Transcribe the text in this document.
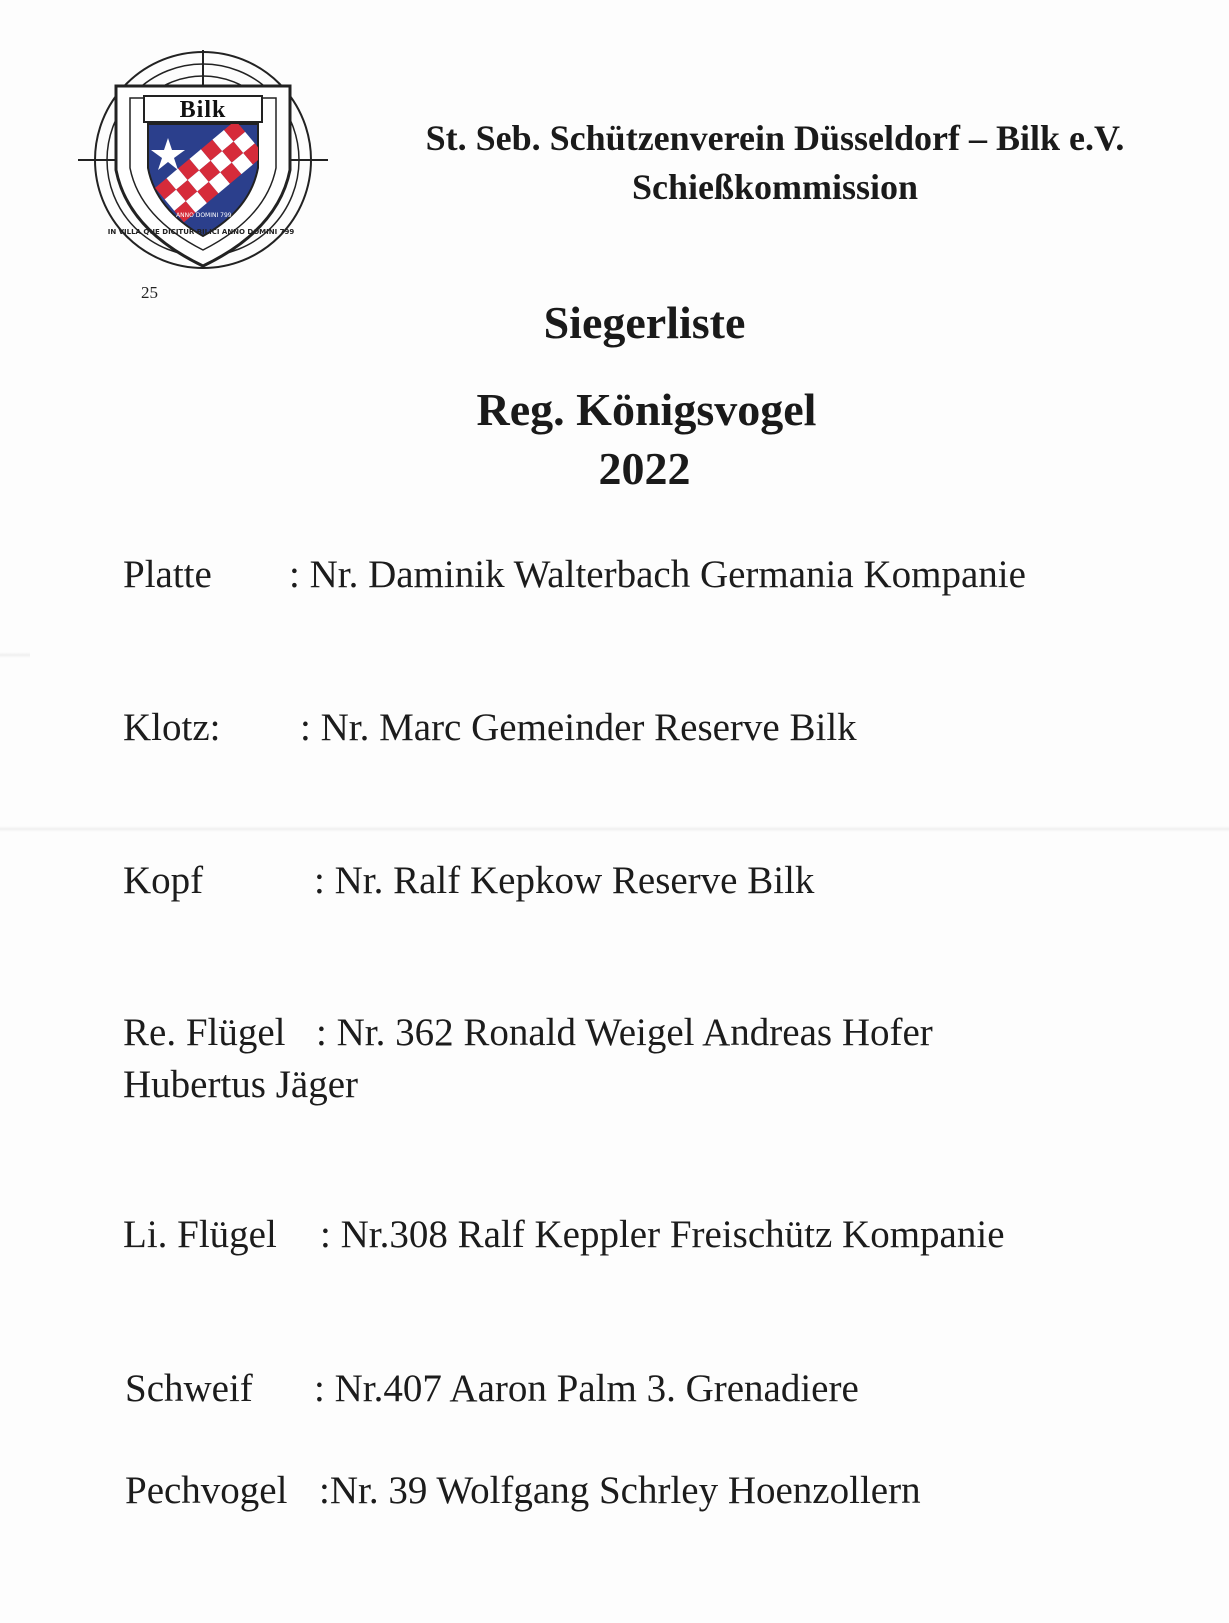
Bilk
IN VILLA QUE DICITUR BILICI ANNO DOMINI 799
ANNO DOMINI 799
25
St. Seb. Schützenverein Düsseldorf – Bilk e.V.
Schießkommission
Siegerliste
Reg. Königsvogel
2022
Platte : Nr. Daminik Walterbach Germania Kompanie
Klotz: : Nr. Marc Gemeinder Reserve Bilk
Kopf	: Nr. Ralf Kepkow Reserve Bilk
Re. Flügel : Nr. 362 Ronald Weigel Andreas Hofer
Hubertus Jäger
Li. Flügel : Nr.308 Ralf Keppler Freischütz Kompanie
Schweif : Nr.407 Aaron Palm 3. Grenadiere
Pechvogel :Nr. 39 Wolfgang Schrley Hoenzollern
